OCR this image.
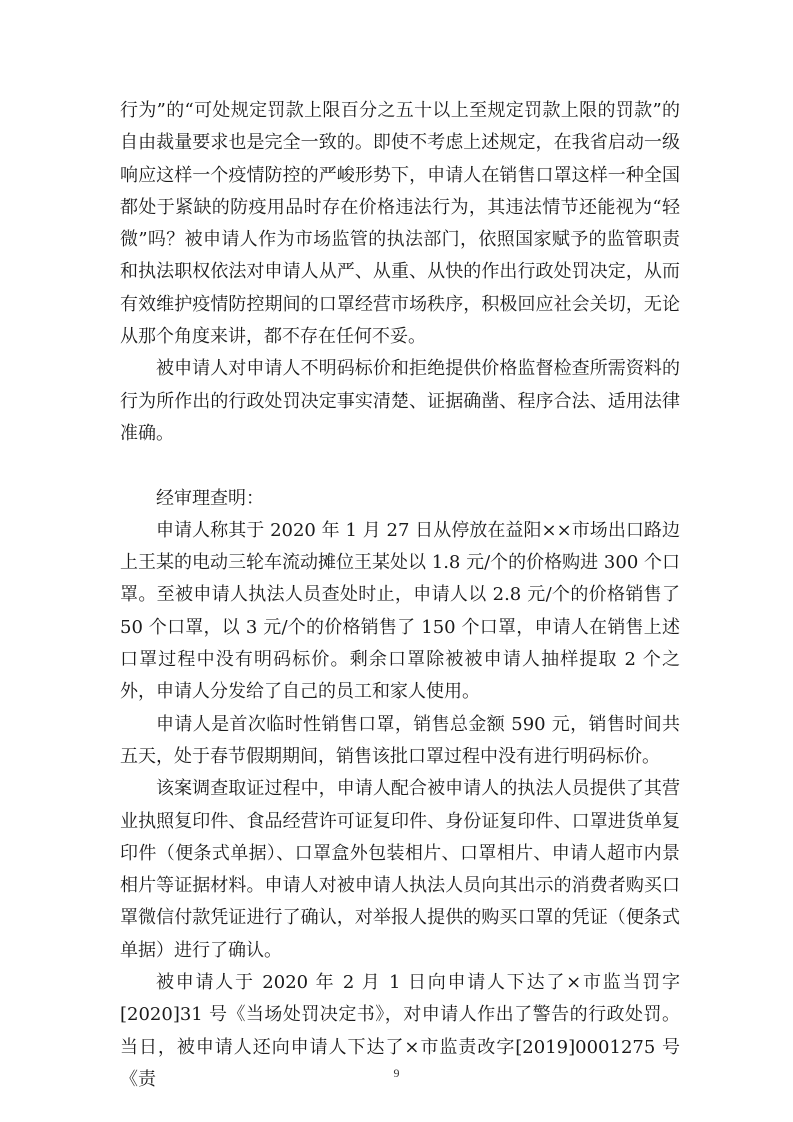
行为”的“可处规定罚款上限百分之五十以上至规定罚款上限的罚款”的自由裁量要求也是完全一致的。即使不考虑上述规定，在我省启动一级响应这样一个疫情防控的严峻形势下，申请人在销售口罩这样一种全国都处于紧缺的防疫用品时存在价格违法行为，其违法情节还能视为“轻微”吗？被申请人作为市场监管的执法部门，依照国家赋予的监管职责和执法职权依法对申请人从严、从重、从快的作出行政处罚决定，从而有效维护疫情防控期间的口罩经营市场秩序，积极回应社会关切，无论从那个角度来讲，都不存在任何不妥。

被申请人对申请人不明码标价和拒绝提供价格监督检查所需资料的行为所作出的行政处罚决定事实清楚、证据确凿、程序合法、适用法律准确。

经审理查明：

申请人称其于 2020 年 1 月 27 日从停放在益阳××市场出口路边上王某的电动三轮车流动摊位王某处以 1.8 元/个的价格购进 300 个口罩。至被申请人执法人员查处时止，申请人以 2.8 元/个的价格销售了 50 个口罩，以 3 元/个的价格销售了 150 个口罩，申请人在销售上述口罩过程中没有明码标价。剩余口罩除被被申请人抽样提取 2 个之外，申请人分发给了自己的员工和家人使用。

申请人是首次临时性销售口罩，销售总金额 590 元，销售时间共五天，处于春节假期期间，销售该批口罩过程中没有进行明码标价。

该案调查取证过程中，申请人配合被申请人的执法人员提供了其营业执照复印件、食品经营许可证复印件、身份证复印件、口罩进货单复印件（便条式单据）、口罩盒外包装相片、口罩相片、申请人超市内景相片等证据材料。申请人对被申请人执法人员向其出示的消费者购买口罩微信付款凭证进行了确认，对举报人提供的购买口罩的凭证（便条式单据）进行了确认。

被申请人于 2020 年 2 月 1 日向申请人下达了×市监当罚字[2020]31 号《当场处罚决定书》，对申请人作出了警告的行政处罚。当日，被申请人还向申请人下达了×市监责改字[2019]0001275 号《责	9
